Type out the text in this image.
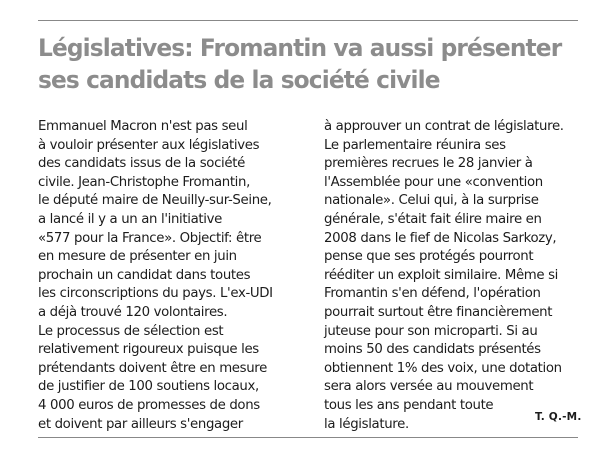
Législatives: Fromantin va aussi présenter
ses candidats de la société civile
Emmanuel Macron n'est pas seul
à vouloir présenter aux législatives
des candidats issus de la société
civile. Jean-Christophe Fromantin,
le député maire de Neuilly-sur-Seine,
a lancé il y a un an l'initiative
«577 pour la France». Objectif: être
en mesure de présenter en juin
prochain un candidat dans toutes
les circonscriptions du pays. L'ex-UDI
a déjà trouvé 120 volontaires.
Le processus de sélection est
relativement rigoureux puisque les
prétendants doivent être en mesure
de justifier de 100 soutiens locaux,
4 000 euros de promesses de dons
et doivent par ailleurs s'engager
à approuver un contrat de législature.
Le parlementaire réunira ses
premières recrues le 28 janvier à
l'Assemblée pour une «convention
nationale». Celui qui, à la surprise
générale, s'était fait élire maire en
2008 dans le fief de Nicolas Sarkozy,
pense que ses protégés pourront
rééditer un exploit similaire. Même si
Fromantin s'en défend, l'opération
pourrait surtout être financièrement
juteuse pour son microparti. Si au
moins 50 des candidats présentés
obtiennent 1% des voix, une dotation
sera alors versée au mouvement
tous les ans pendant toute
la législature.	T. Q.-M.
